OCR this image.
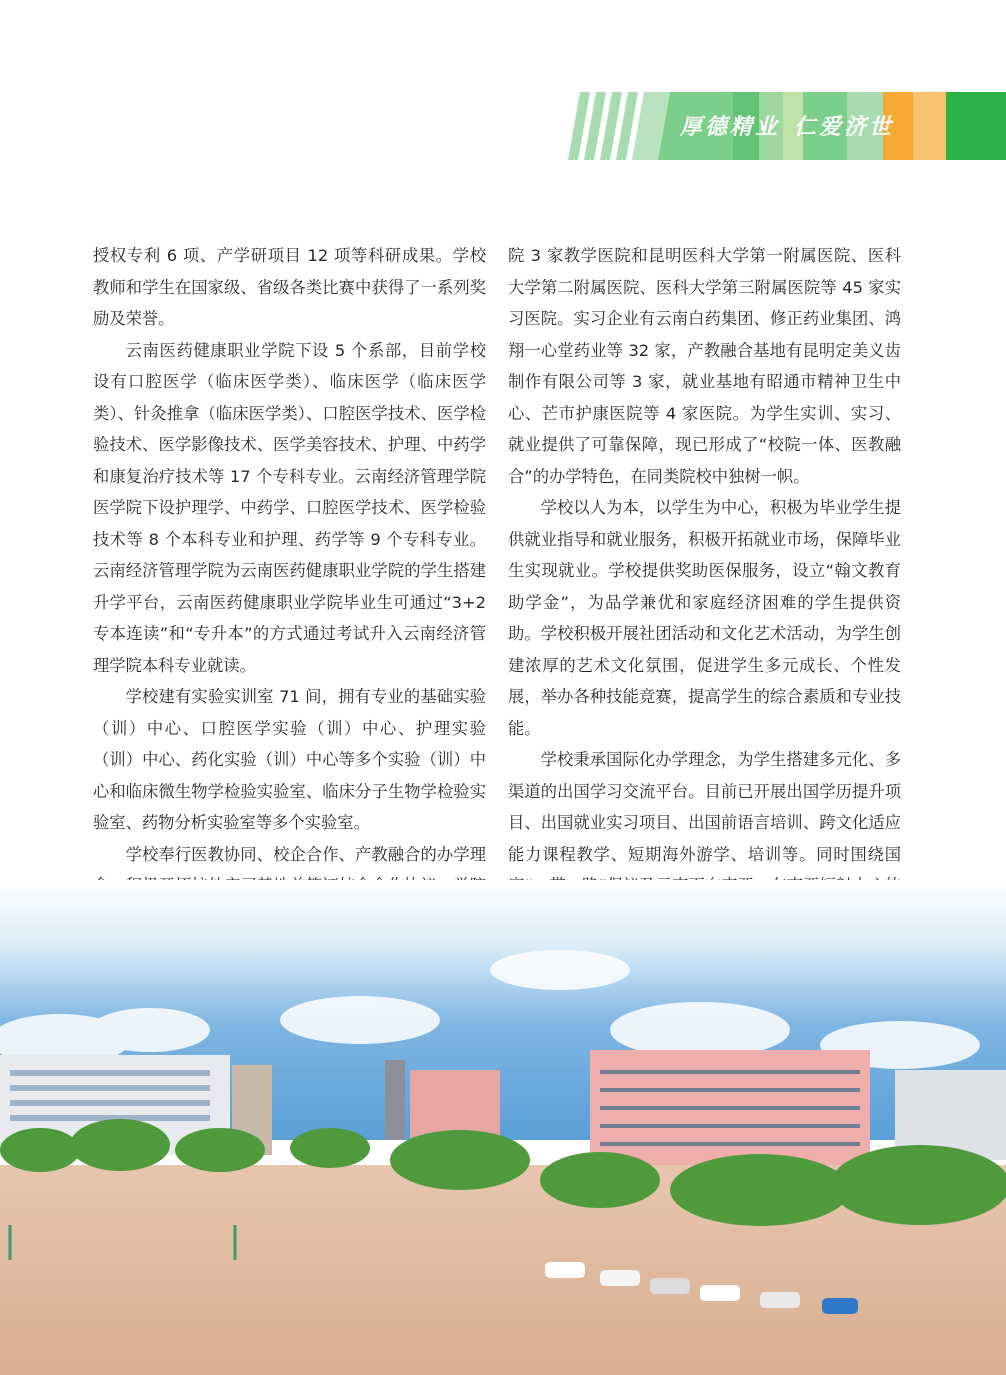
厚德精业 仁爱济世

授权专利 6 项、产学研项目 12 项等科研成果。学校教师和学生在国家级、省级各类比赛中获得了一系列奖励及荣誉。

云南医药健康职业学院下设 5 个系部，目前学校设有口腔医学（临床医学类）、临床医学（临床医学类）、针灸推拿（临床医学类）、口腔医学技术、医学检验技术、医学影像技术、医学美容技术、护理、中药学和康复治疗技术等 17 个专科专业。云南经济管理学院医学院下设护理学、中药学、口腔医学技术、医学检验技术等 8 个本科专业和护理、药学等 9 个专科专业。云南经济管理学院为云南医药健康职业学院的学生搭建升学平台，云南医药健康职业学院毕业生可通过“3+2 专本连读”和“专升本”的方式通过考试升入云南经济管理学院本科专业就读。

学校建有实验实训室 71 间，拥有专业的基础实验（训）中心、口腔医学实验（训）中心、护理实验（训）中心、药化实验（训）中心等多个实验（训）中心和临床微生物学检验实验室、临床分子生物学检验实验室、药物分析实验室等多个实验室。

学校奉行医教协同、校企合作、产教融合的办学理

院 3 家教学医院和昆明医科大学第一附属医院、医科大学第二附属医院、医科大学第三附属医院等 45 家实习医院。实习企业有云南白药集团、修正药业集团、鸿翔一心堂药业等 32 家，产教融合基地有昆明定美义齿制作有限公司等 3 家，就业基地有昭通市精神卫生中心、芒市护康医院等 4 家医院。为学生实训、实习、就业提供了可靠保障，现已形成了“校院一体、医教融合”的办学特色，在同类院校中独树一帜。

学校以人为本，以学生为中心，积极为毕业学生提供就业指导和就业服务，积极开拓就业市场，保障毕业生实现就业。学校提供奖助医保服务，设立“翰文教育助学金”，为品学兼优和家庭经济困难的学生提供资助。学校积极开展社团活动和文化艺术活动，为学生创建浓厚的艺术文化氛围，促进学生多元成长、个性发展，举办各种技能竞赛，提高学生的综合素质和专业技能。

学校秉承国际化办学理念，为学生搭建多元化、多渠道的出国学习交流平台。目前已开展出国学历提升项目、出国就业实习项目、出国前语言培训、跨文化适应能力课程教学、短期海外游学、培训等。同时围绕国
